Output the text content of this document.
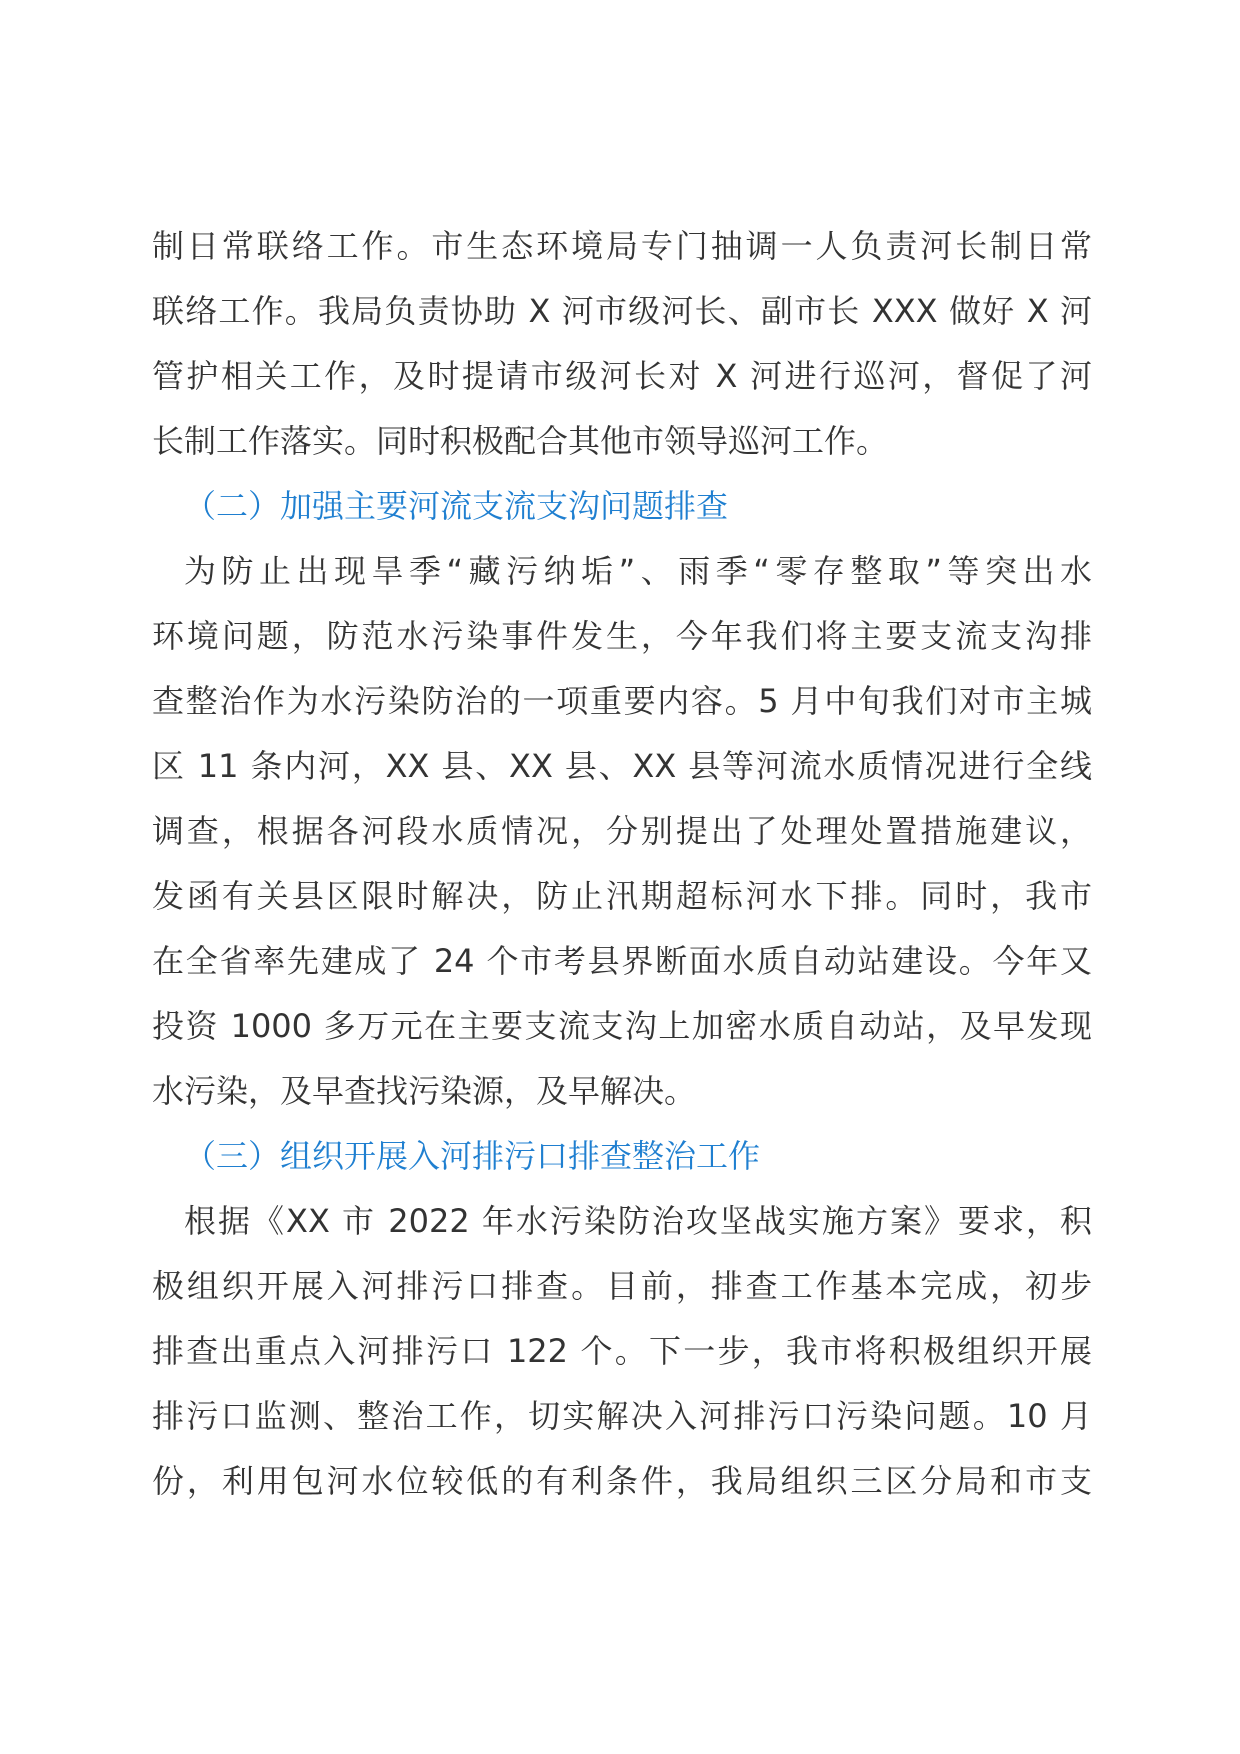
制日常联络工作。市生态环境局专门抽调一人负责河长制日常
联络工作。我局负责协助 X 河市级河长、副市长 XXX 做好 X 河
管护相关工作，及时提请市级河长对 X 河进行巡河，督促了河
长制工作落实。同时积极配合其他市领导巡河工作。
（二）加强主要河流支流支沟问题排查
为防止出现旱季“藏污纳垢”、雨季“零存整取”等突出水
环境问题，防范水污染事件发生，今年我们将主要支流支沟排
查整治作为水污染防治的一项重要内容。5 月中旬我们对市主城
区 11 条内河，XX 县、XX 县、XX 县等河流水质情况进行全线
调查，根据各河段水质情况，分别提出了处理处置措施建议，
发函有关县区限时解决，防止汛期超标河水下排。同时，我市
在全省率先建成了 24 个市考县界断面水质自动站建设。今年又
投资 1000 多万元在主要支流支沟上加密水质自动站，及早发现
水污染，及早查找污染源，及早解决。
（三）组织开展入河排污口排查整治工作
根据《XX 市 2022 年水污染防治攻坚战实施方案》要求，积
极组织开展入河排污口排查。目前，排查工作基本完成，初步
排查出重点入河排污口 122 个。下一步，我市将积极组织开展
排污口监测、整治工作，切实解决入河排污口污染问题。10 月
份，利用包河水位较低的有利条件，我局组织三区分局和市支
